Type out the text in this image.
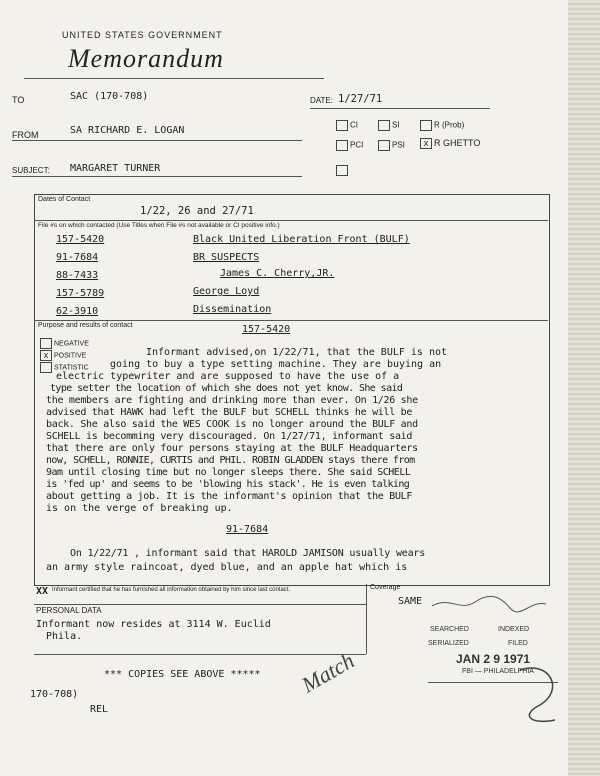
UNITED STATES GOVERNMENT
Memorandum
TO	SAC (170-708)	DATE: 1/27/71
FROM	SA RICHARD E. LOGAN
SUBJECT: MARGARET TURNER
CI	SI	R (Prob)
PCI	PSI	x R GHETTO
Dates of Contact
1/22, 26 and 27/71
File #s on which contacted (Use Titles when File #s not available or CI positive info.)
157-5420	Black United Liberation Front (BULF)
91-7684	BR SUSPECTS
88-7433	James C. Cherry,JR.
157-5789	George Loyd
62-3910	Dissemination
Purpose and results of contact	157-5420
NEGATIVE
x POSITIVE
STATISTIC
Informant advised,on 1/22/71, that the BULF is not
going to buy a type setting machine. They are buying an
electric typewriter and are supposed to have the use of a
type setter the location of which she does not yet know. She said
the members are fighting and drinking more than ever. On 1/26 she
advised that HAWK had left the BULF but SCHELL thinks he will be
back. She also said the WES COOK is no longer around the BULF and
SCHELL is becomming very discouraged. On 1/27/71, informant said
that there are only four persons staying at the BULF Headquarters
now, SCHELL, RONNIE, CURTIS and PHIL. ROBIN GLADDEN stays there from
9am until closing time but no longer sleeps there. She said SCHELL
is 'fed up' and seems to be 'blowing his stack'. He is even talking
about getting a job. It is the informant's opinion that the BULF
is on the verge of breaking up.
91-7684
On 1/22/71 , informant said that HAROLD JAMISON usually wears
an army style raincoat, dyed blue, and an apple hat which is
XX Informant certified that he has furnished all information obtained by him since last contact.	Coverage
SAME
PERSONAL DATA
Informant now resides at 3114 W. Euclid
Phila.
*** COPIES SEE ABOVE *****
170-708)
REL
SEARCHED	INDEXED
SERIALIZED	FILED
JAN 2 9 1971
FBI — PHILADELPHIA
Match
